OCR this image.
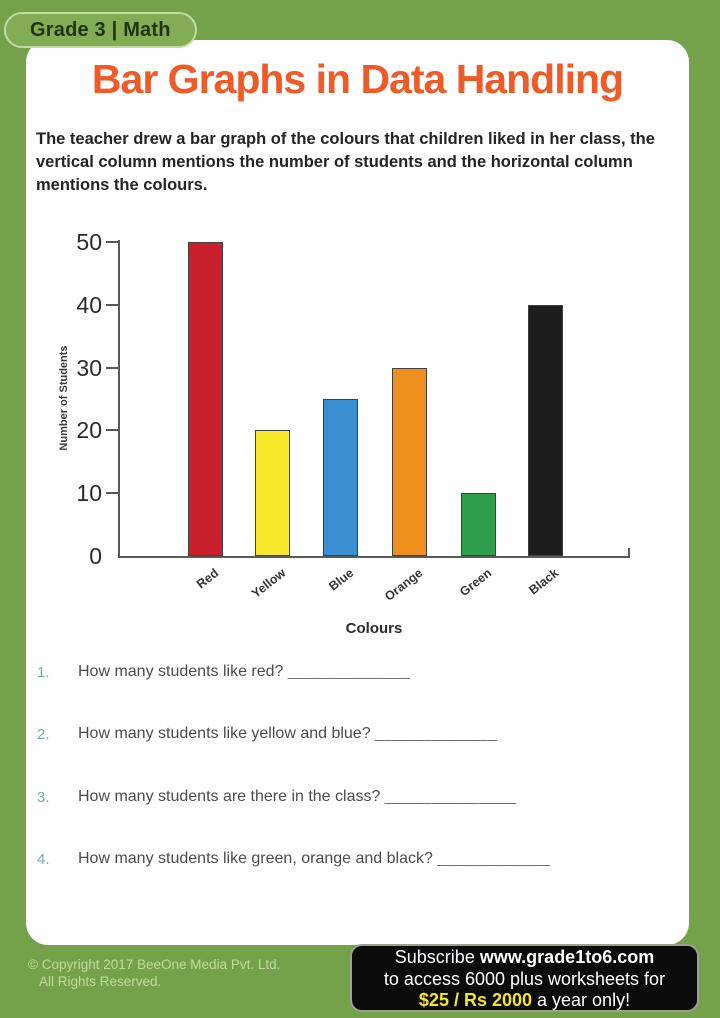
Bar Graphs in Data Handling
The teacher drew a bar graph of the colours that children liked in her class, the vertical column mentions the number of students and the horizontal column mentions the colours.
Number of Students
0
10
20
30
40
50
Red	Yellow	Blue	Orange	Green	Black
Colours
1. How many students like red? _____________
2. How many students like yellow and blue? _____________
3. How many students are there in the class? ______________
4. How many students like green, orange and black? ____________
Grade 3 | Math
© Copyright 2017 BeeOne Media Pvt. Ltd.
All Rights Reserved.
Subscribe www.grade1to6.com
to access 6000 plus worksheets for
$25 / Rs 2000 a year only!
